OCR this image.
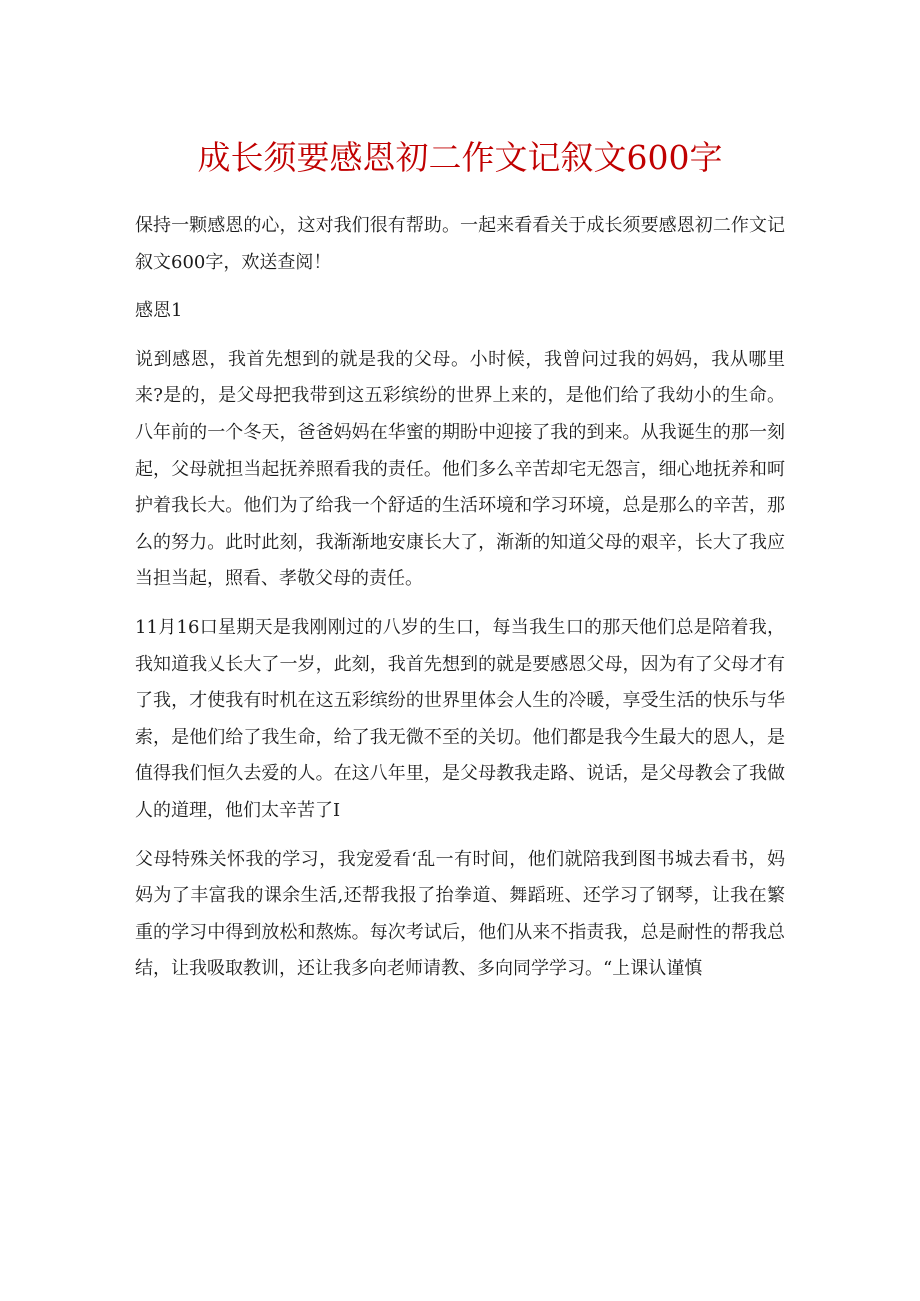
成长须要感恩初二作文记叙文600字

保持一颗感恩的心，这对我们很有帮助。一起来看看关于成长须要感恩初二作文记叙文600字，欢送查阅！

感恩1

说到感恩，我首先想到的就是我的父母。小时候，我曾问过我的妈妈，我从哪里来?是的，是父母把我带到这五彩缤纷的世界上来的，是他们给了我幼小的生命。八年前的一个冬天，爸爸妈妈在华蜜的期盼中迎接了我的到来。从我诞生的那一刻起，父母就担当起抚养照看我的责任。他们多么辛苦却宅无怨言，细心地抚养和呵护着我长大。他们为了给我一个舒适的生活环境和学习环境，总是那么的辛苦，那么的努力。此时此刻，我渐渐地安康长大了，渐渐的知道父母的艰辛，长大了我应当担当起，照看、孝敬父母的责任。

11月16口星期天是我刚刚过的八岁的生口，每当我生口的那天他们总是陪着我，我知道我乂长大了一岁，此刻，我首先想到的就是要感恩父母，因为有了父母才有了我，才使我有时机在这五彩缤纷的世界里体会人生的冷暖，享受生活的快乐与华索，是他们给了我生命，给了我无微不至的关切。他们都是我今生最大的恩人，是值得我们恒久去爱的人。在这八年里，是父母教我走路、说话，是父母教会了我做人的道理，他们太辛苦了I

父母特殊关怀我的学习，我宠爱看‘乱一有时间，他们就陪我到图书城去看书，妈妈为了丰富我的课余生活,还帮我报了抬拳道、舞蹈班、还学习了钢琴，让我在繁重的学习中得到放松和熬炼。每次考试后，他们从来不指责我，总是耐性的帮我总结，让我吸取教训，还让我多向老师请教、多向同学学习。“上课认谨慎
